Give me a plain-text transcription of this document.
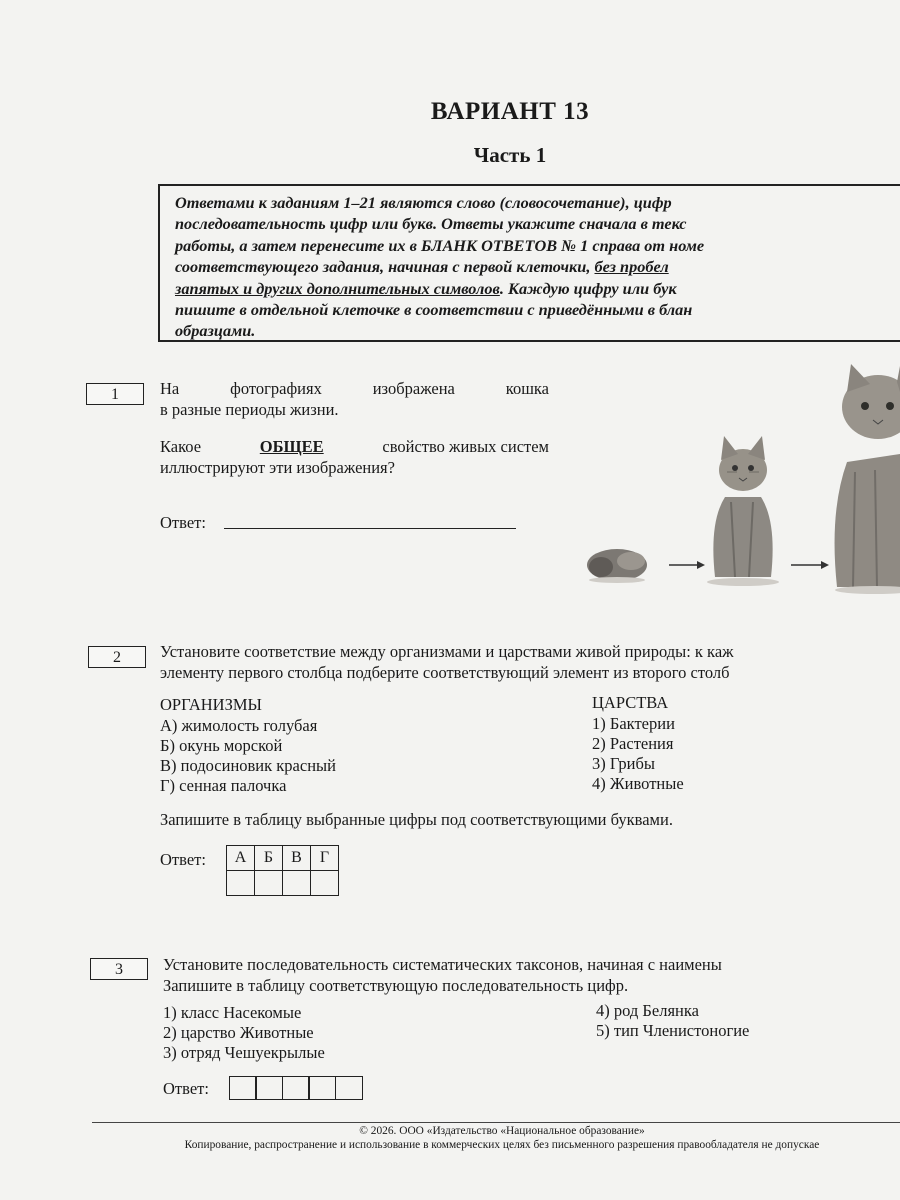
ВАРИАНТ 13
Часть 1

Ответами к заданиям 1–21 являются слово (словосочетание), цифр

последовательность цифр или букв. Ответы укажите сначала в текс

работы, а затем перенесите их в БЛАНК ОТВЕТОВ № 1 справа от номе

соответствующего задания, начиная с первой клеточки, без пробел

запятых и других дополнительных символов. Каждую цифру или бук

пишите в отдельной клеточке в соответствии с приведёнными в блан

образцами.

1	На фотографиях изображена кошка
в разные периоды жизни.
Какое	ОБЩЕЕ	свойство живых систем
иллюстрируют эти изображения?
Ответ:
2	Установите соответствие между организмами и царствами живой природы: к каж
элементу первого столбца подберите соответствующий элемент из второго столб
ОРГАНИЗМЫ
А) жимолость голубая
Б) окунь морской
В) подосиновик красный
Г) сенная палочка
ЦАРСТВА
1) Бактерии
2) Растения
3) Грибы
4) Животные
Запишите в таблицу выбранные цифры под соответствующими буквами.
Ответ: А	Б	В	Г

3	Установите последовательность систематических таксонов, начиная с наимены
Запишите в таблицу соответствующую последовательность цифр.
1) класс Насекомые
2) царство Животные
3) отряд Чешуекрылые
4) род Белянка
5) тип Членистоногие
Ответ:
© 2026. ООО «Издательство «Национальное образование»
Копирование, распространение и использование в коммерческих целях без письменного разрешения правообладателя не допускае
